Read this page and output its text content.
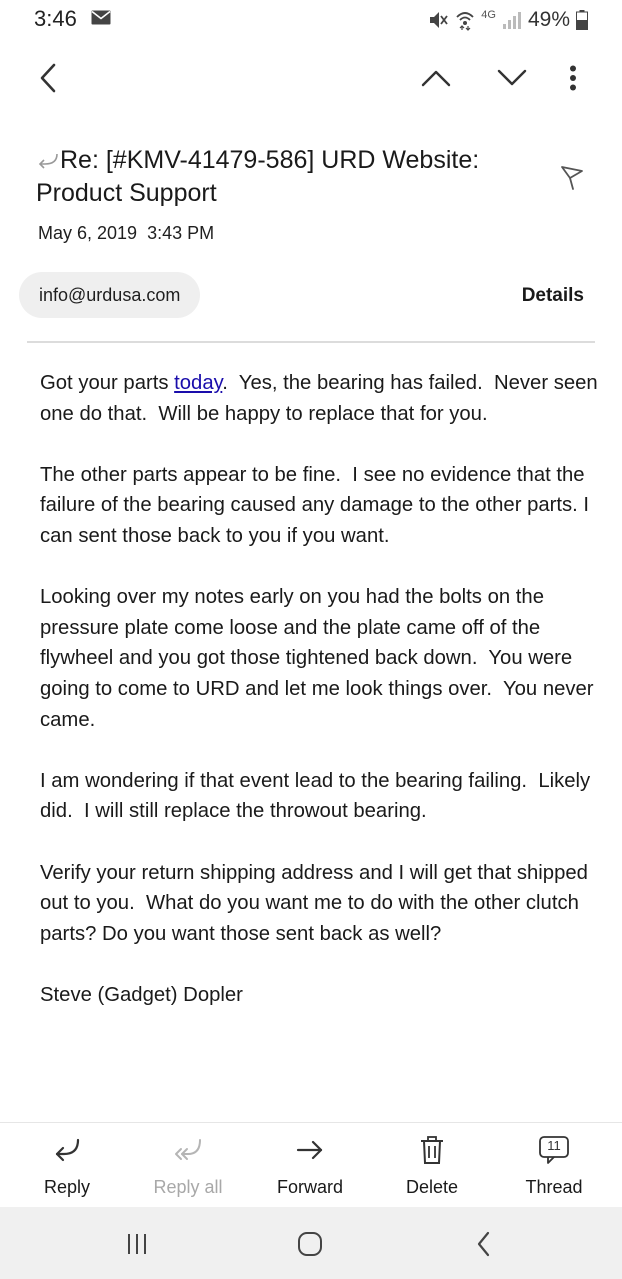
3:46	4G 49%
Re: [#KMV-41479-586] URD Website: Product Support
May 6, 2019  3:43 PM
info@urdusa.com	Details

Got your parts today.  Yes, the bearing has failed.  Never seen one do that.  Will be happy to replace that for you.

The other parts appear to be fine.  I see no evidence that the failure of the bearing caused any damage to the other parts. I can sent those back to you if you want.

Looking over my notes early on you had the bolts on the pressure plate come loose and the plate came off of the flywheel and you got those tightened back down.  You were going to come to URD and let me look things over.  You never came.

I am wondering if that event lead to the bearing failing.  Likely did.  I will still replace the throwout bearing.

Verify your return shipping address and I will get that shipped out to you.  What do you want me to do with the other clutch parts? Do you want those sent back as well?

Steve (Gadget) Dopler

Reply	Reply all	Forward	Delete
11
Thread
